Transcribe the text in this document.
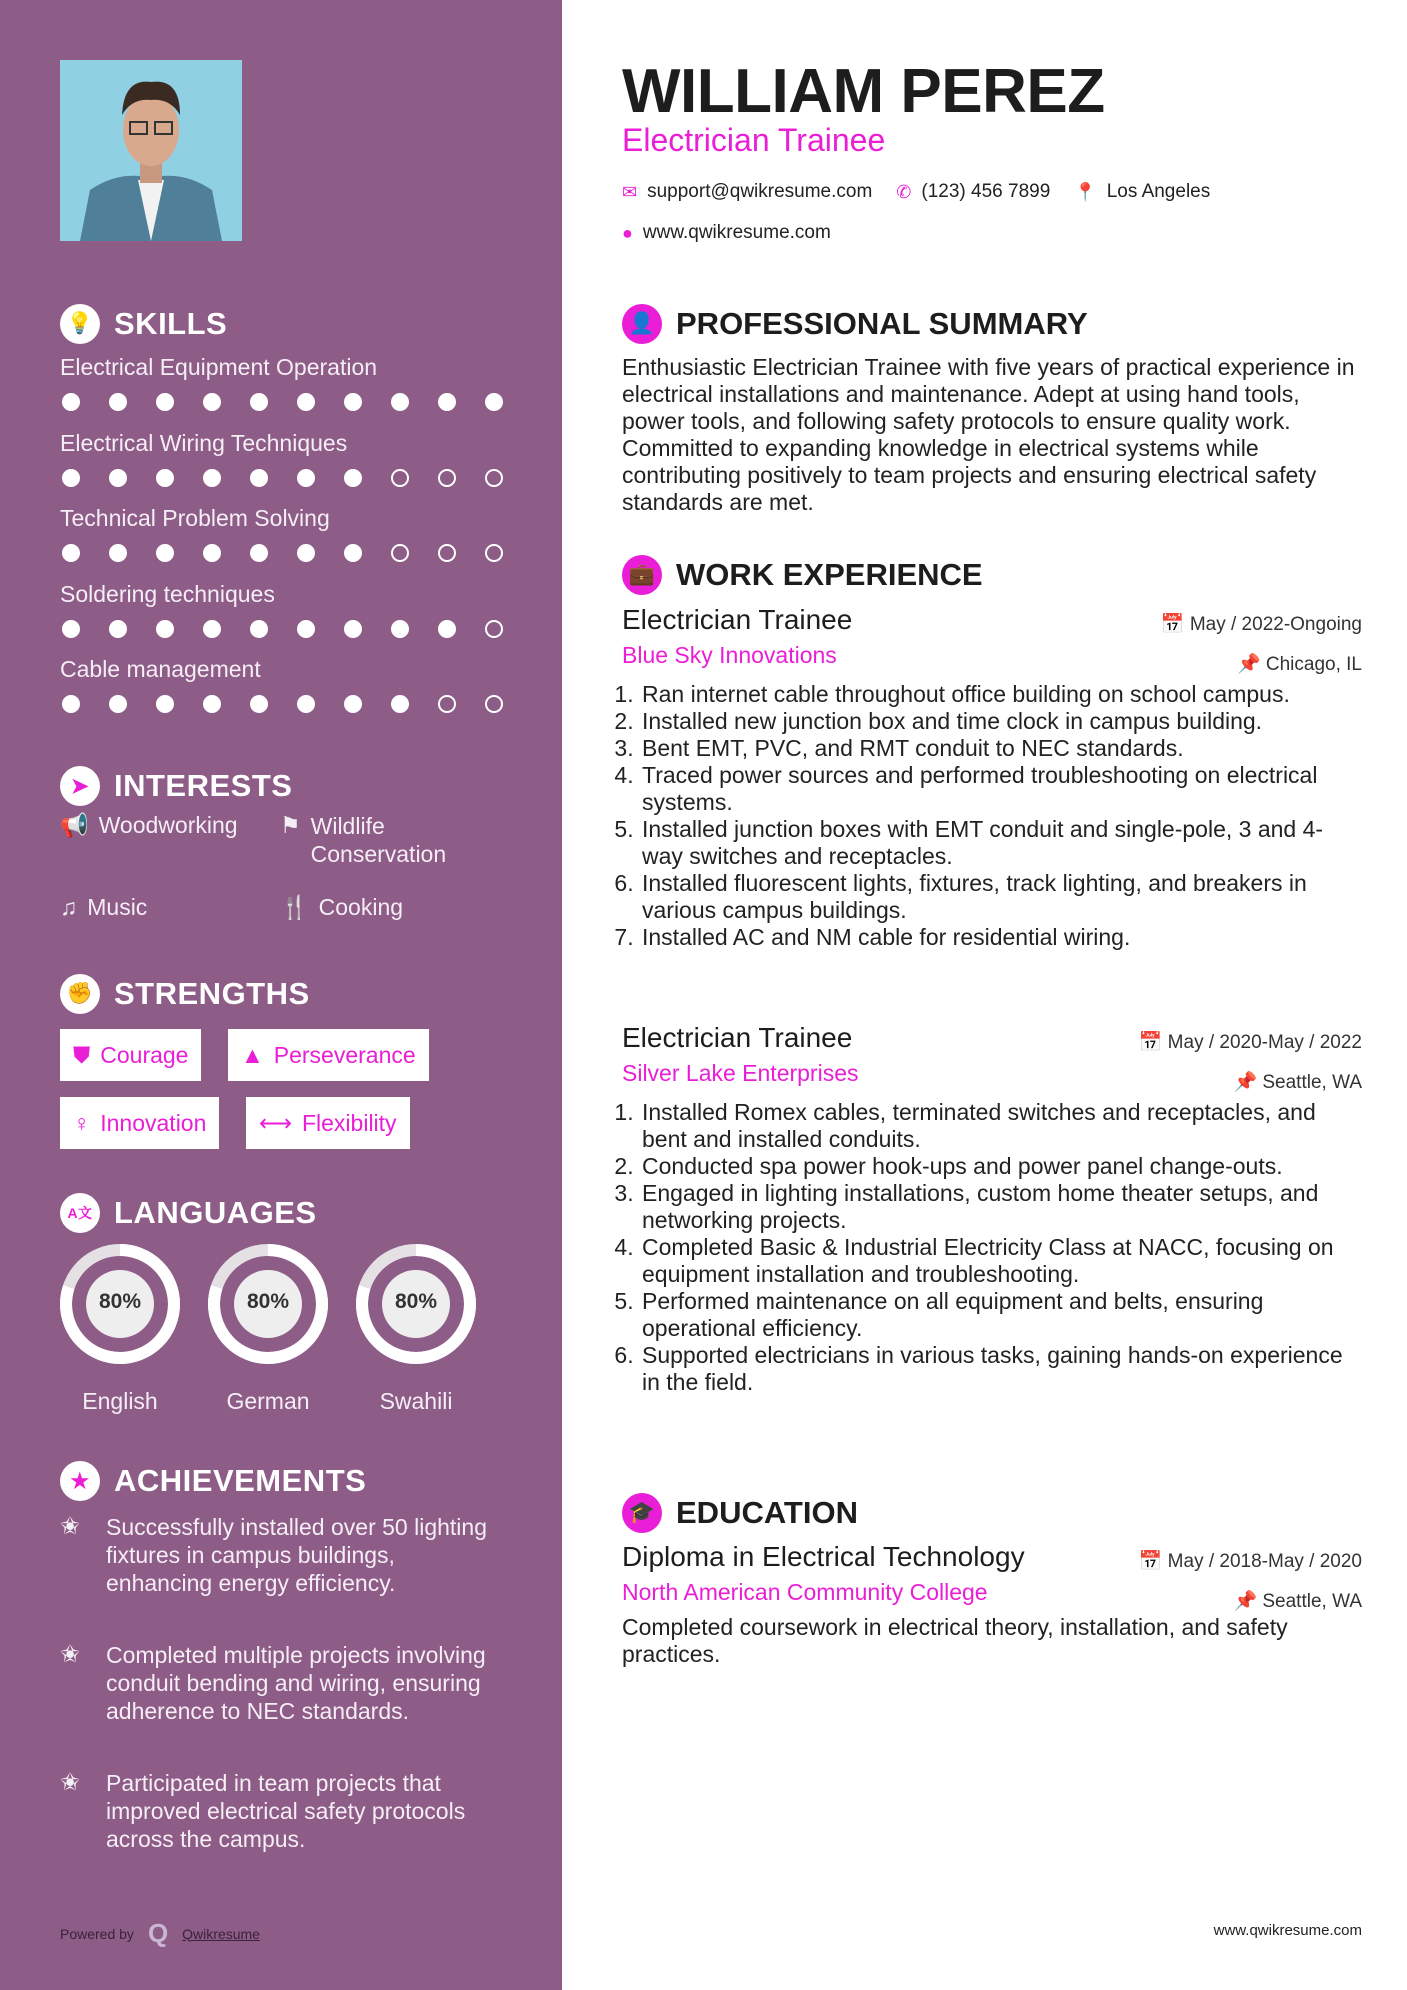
💡 SKILLS
Electrical Equipment Operation
Electrical Wiring Techniques
Technical Problem Solving
Soldering techniques
Cable management
➤ INTERESTS
📢 Woodworking ⚑ Wildlife Conservation
♫ Music	🍴 Cooking
✊ STRENGTHS
⛊ Courage ▲ Perseverance
♀ Innovation ⟷ Flexibility
A文 LANGUAGES
80%
English
80%
German
80%
Swahili
★ ACHIEVEMENTS
✬	Successfully installed over 50 lighting fixtures in campus buildings, enhancing energy efficiency.
✬	Completed multiple projects involving conduit bending and wiring, ensuring adherence to NEC standards.
✬	Participated in team projects that improved electrical safety protocols across the campus.
Powered by Q Qwikresume
WILLIAM PEREZ
Electrician Trainee
✉ support@qwikresume.com ✆ (123) 456 7899 📍 Los Angeles
● www.qwikresume.com
👤 PROFESSIONAL SUMMARY
Enthusiastic Electrician Trainee with five years of practical experience in electrical installations and maintenance. Adept at using hand tools, power tools, and following safety protocols to ensure quality work. Committed to expanding knowledge in electrical systems while contributing positively to team projects and ensuring electrical safety standards are met.
💼 WORK EXPERIENCE
Electrician Trainee	📅 May / 2022-Ongoing
Blue Sky Innovations	📌 Chicago, IL
1. Ran internet cable throughout office building on school campus.
2. Installed new junction box and time clock in campus building.
3. Bent EMT, PVC, and RMT conduit to NEC standards.
4. Traced power sources and performed troubleshooting on electrical systems.
5. Installed junction boxes with EMT conduit and single-pole, 3 and 4-way switches and receptacles.
6. Installed fluorescent lights, fixtures, track lighting, and breakers in various campus buildings.
7. Installed AC and NM cable for residential wiring.
Electrician Trainee	📅 May / 2020-May / 2022
Silver Lake Enterprises	📌 Seattle, WA
1. Installed Romex cables, terminated switches and receptacles, and bent and installed conduits.
2. Conducted spa power hook-ups and power panel change-outs.
3. Engaged in lighting installations, custom home theater setups, and networking projects.
4. Completed Basic & Industrial Electricity Class at NACC, focusing on equipment installation and troubleshooting.
5. Performed maintenance on all equipment and belts, ensuring operational efficiency.
6. Supported electricians in various tasks, gaining hands-on experience in the field.
🎓 EDUCATION
Diploma in Electrical Technology	📅 May / 2018-May / 2020
North American Community College	📌 Seattle, WA
Completed coursework in electrical theory, installation, and safety practices.
www.qwikresume.com
